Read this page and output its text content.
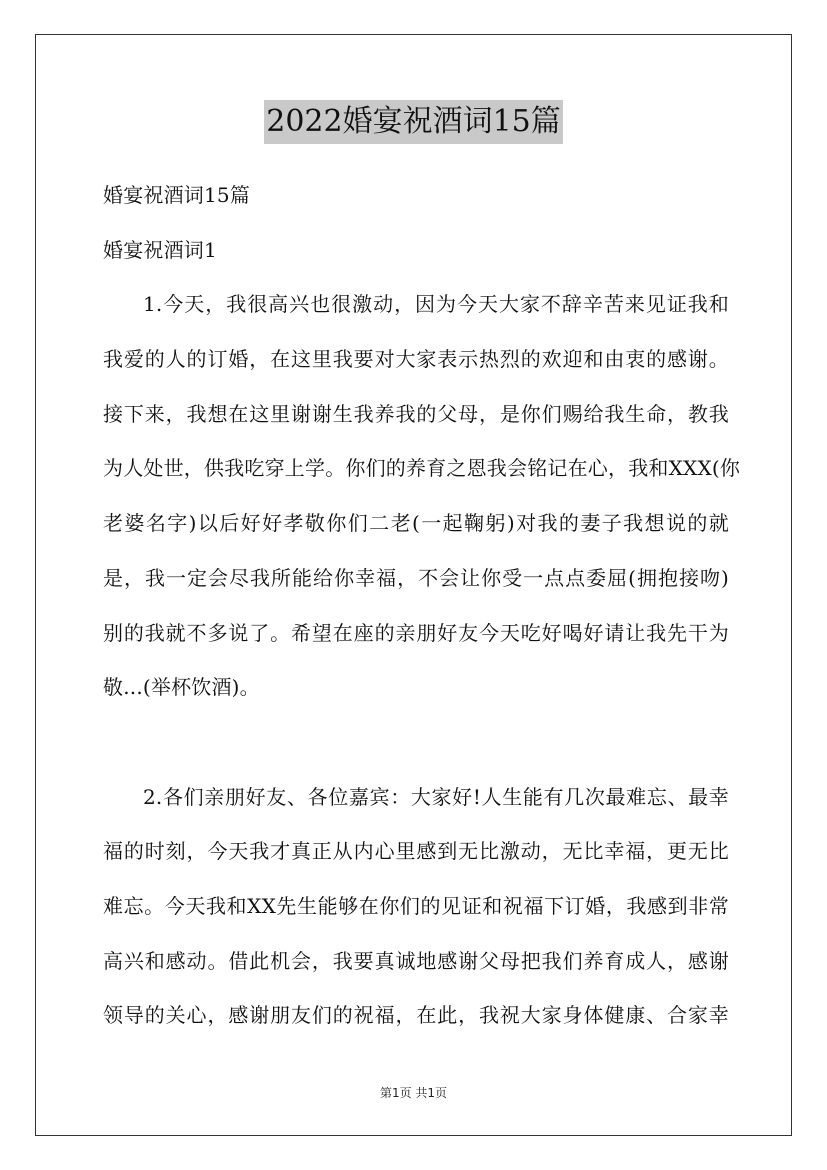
2022婚宴祝酒词15篇
婚宴祝酒词15篇
婚宴祝酒词1
1.今天，我很高兴也很激动，因为今天大家不辞辛苦来见证我和
我爱的人的订婚，在这里我要对大家表示热烈的欢迎和由衷的感谢。
接下来，我想在这里谢谢生我养我的父母，是你们赐给我生命，教我
为人处世，供我吃穿上学。你们的养育之恩我会铭记在心，我和XXX(你
老婆名字)以后好好孝敬你们二老(一起鞠躬)对我的妻子我想说的就
是，我一定会尽我所能给你幸福，不会让你受一点点委屈(拥抱接吻)
别的我就不多说了。希望在座的亲朋好友今天吃好喝好请让我先干为
敬...(举杯饮酒)。
2.各们亲朋好友、各位嘉宾：大家好!人生能有几次最难忘、最幸
福的时刻，今天我才真正从内心里感到无比激动，无比幸福，更无比
难忘。今天我和XX先生能够在你们的见证和祝福下订婚，我感到非常
高兴和感动。借此机会，我要真诚地感谢父母把我们养育成人，感谢
领导的关心，感谢朋友们的祝福，在此，我祝大家身体健康、合家幸
第1页 共1页
